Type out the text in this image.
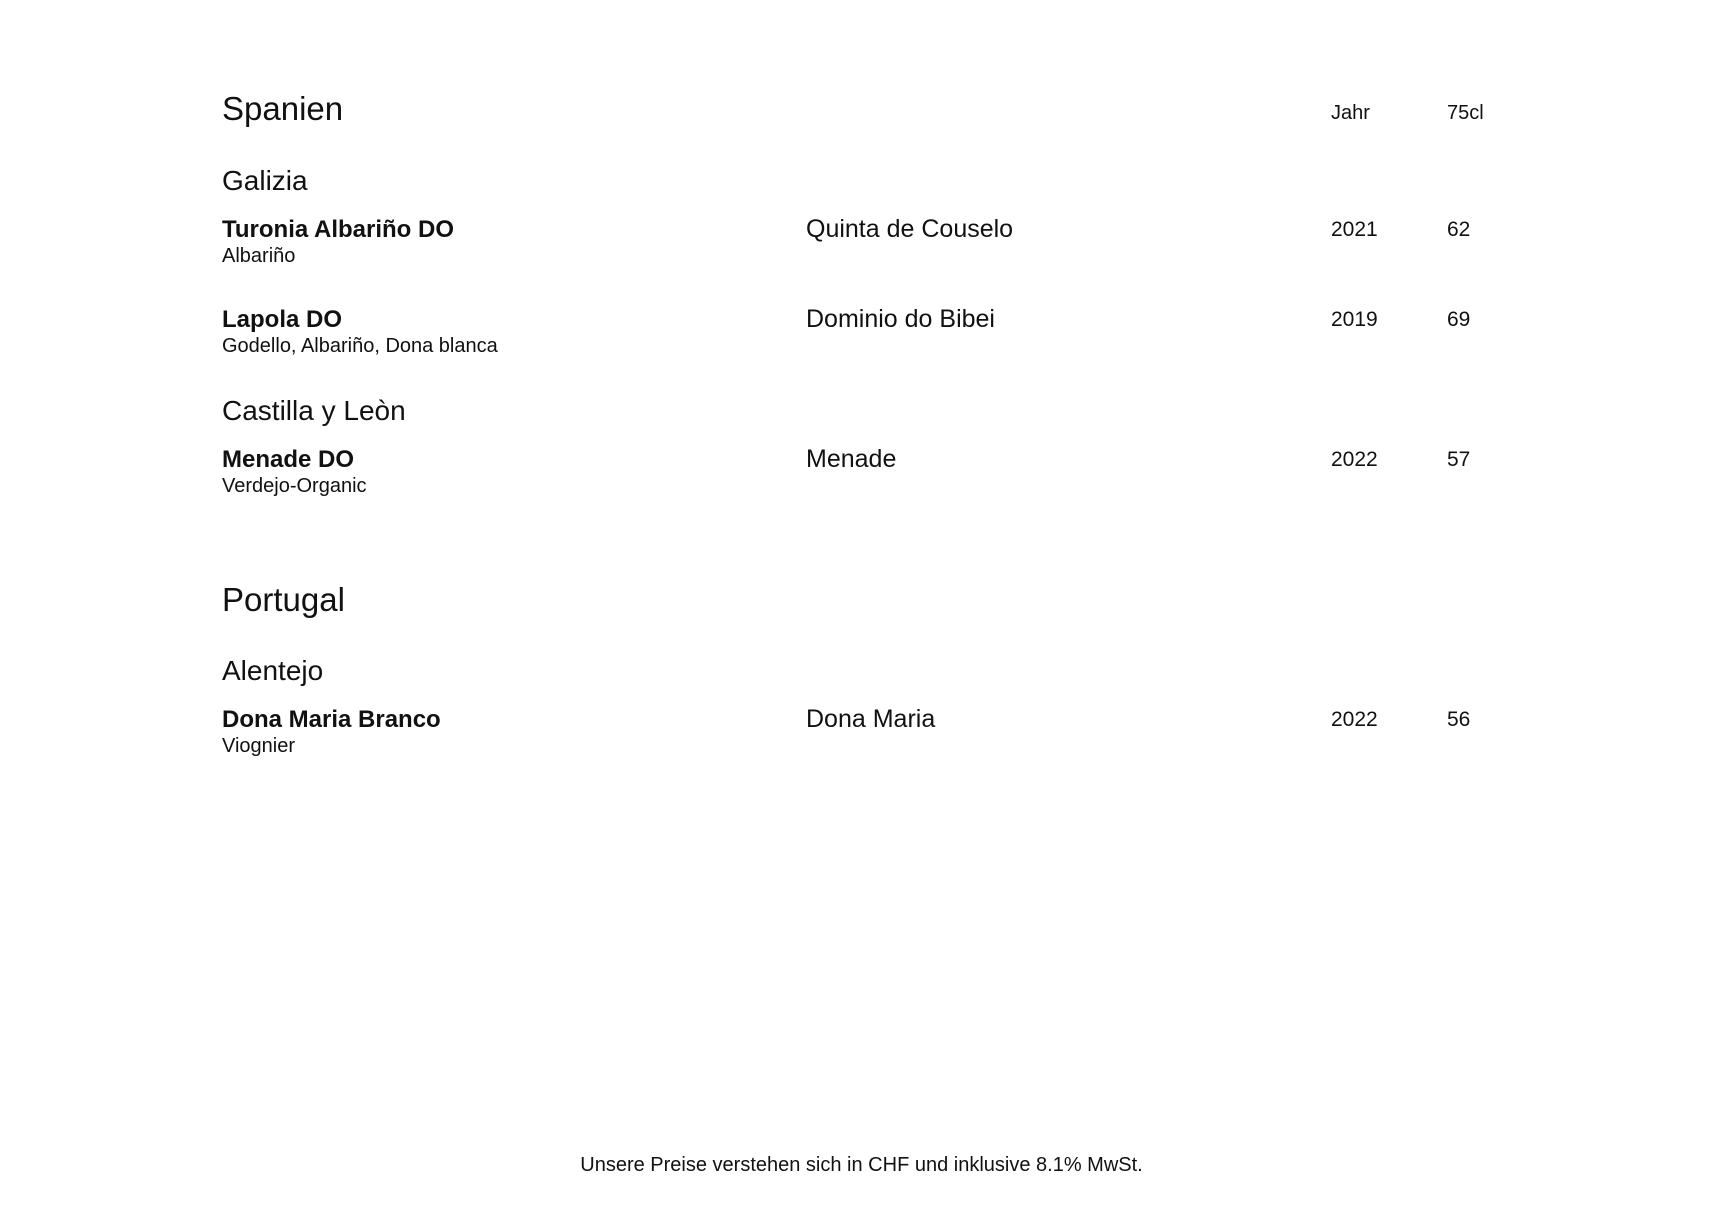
Spanien	Jahr	75cl
Galizia
Turonia Albariño DO
Albariño
Quinta de Couselo	2021	62
Lapola DO
Godello, Albariño, Dona blanca
Dominio do Bibei	2019	69
Castilla y Leòn
Menade DO
Verdejo-Organic
Menade	2022	57
Portugal
Alentejo
Dona Maria Branco
Viognier
Dona Maria	2022	56
Unsere Preise verstehen sich in CHF und inklusive 8.1% MwSt.
